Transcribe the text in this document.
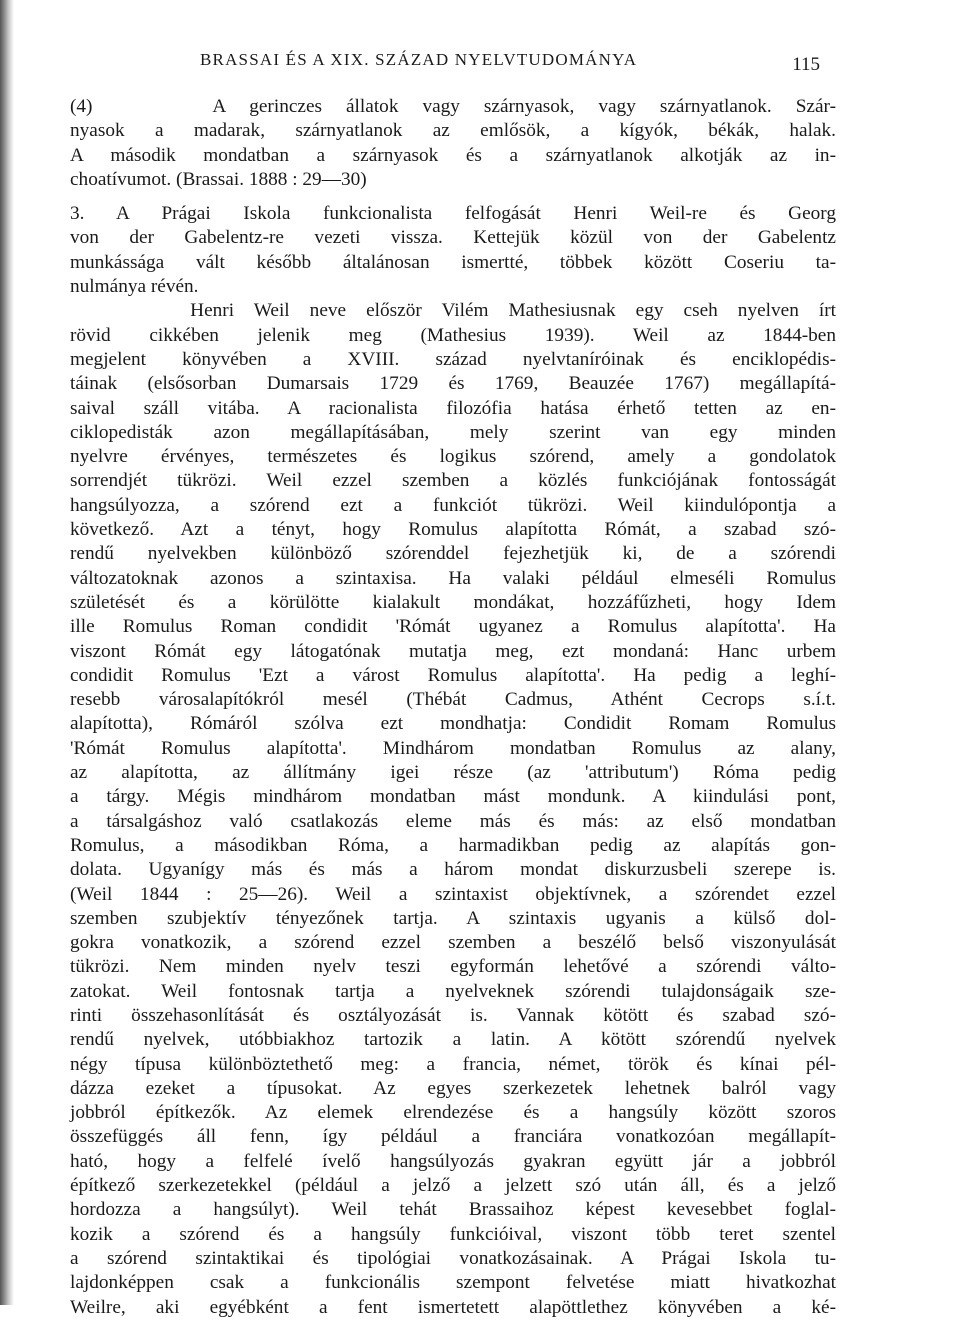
BRASSAI ÉS A XIX. SZÁZAD NYELVTUDOMÁNYA	115
(4)     A gerinczes állatok vagy szárnyasok, vagy szárnyatlanok. Szár-
nyasok a madarak, szárnyatlanok az emlősök, a kígyók, békák, halak.
A második mondatban a szárnyasok és a szárnyatlanok alkotják az in-
choatívumot. (Brassai. 1888 : 29—30)
3. A Prágai Iskola funkcionalista felfogását Henri Weil-re és Georg
von der Gabelentz-re vezeti vissza. Kettejük közül von der Gabelentz
munkássága vált később általánosan ismertté, többek között Coseriu ta-
nulmánya révén.
Henri Weil neve először Vilém Mathesiusnak egy cseh nyelven írt
rövid cikkében jelenik meg (Mathesius 1939). Weil az 1844-ben
megjelent könyvében a XVIII. század nyelvtaníróinak és enciklopédis-
táinak (elsősorban Dumarsais 1729 és 1769, Beauzée 1767) megállapítá-
saival száll vitába. A racionalista filozófia hatása érhető tetten az en-
ciklopedisták azon megállapításában, mely szerint van egy minden
nyelvre érvényes, természetes és logikus szórend, amely a gondolatok
sorrendjét tükrözi. Weil ezzel szemben a közlés funkciójának fontosságát
hangsúlyozza, a szórend ezt a funkciót tükrözi. Weil kiindulópontja a
következő. Azt a tényt, hogy Romulus alapította Rómát, a szabad szó-
rendű nyelvekben különböző szórenddel fejezhetjük ki, de a szórendi
változatoknak azonos a szintaxisa. Ha valaki például elmeséli Romulus
születését és a körülötte kialakult mondákat, hozzáfűzheti, hogy Idem
ille Romulus Roman condidit 'Rómát ugyanez a Romulus alapította'. Ha
viszont Rómát egy látogatónak mutatja meg, ezt mondaná: Hanc urbem
condidit Romulus 'Ezt a várost Romulus alapította'. Ha pedig a leghí-
resebb városalapítókról mesél (Thébát Cadmus, Athént Cecrops s.í.t.
alapította), Rómáról szólva ezt mondhatja: Condidit Romam Romulus
'Rómát Romulus alapította'. Mindhárom mondatban Romulus az alany,
az alapította, az állítmány igei része (az 'attributum') Róma pedig
a tárgy. Mégis mindhárom mondatban mást mondunk. A kiindulási pont,
a társalgáshoz való csatlakozás eleme más és más: az első mondatban
Romulus, a másodikban Róma, a harmadikban pedig az alapítás gon-
dolata. Ugyanígy más és más a három mondat diskurzusbeli szerepe is.
(Weil 1844 : 25—26). Weil a szintaxist objektívnek, a szórendet ezzel
szemben szubjektív tényezőnek tartja. A szintaxis ugyanis a külső dol-
gokra vonatkozik, a szórend ezzel szemben a beszélő belső viszonyulását
tükrözi. Nem minden nyelv teszi egyformán lehetővé a szórendi válto-
zatokat. Weil fontosnak tartja a nyelveknek szórendi tulajdonságaik sze-
rinti összehasonlítását és osztályozását is. Vannak kötött és szabad szó-
rendű nyelvek, utóbbiakhoz tartozik a latin. A kötött szórendű nyelvek
négy típusa különböztethető meg: a francia, német, török és kínai pél-
dázza ezeket a típusokat. Az egyes szerkezetek lehetnek balról vagy
jobbról építkezők. Az elemek elrendezése és a hangsúly között szoros
összefüggés áll fenn, így például a franciára vonatkozóan megállapít-
ható, hogy a felfelé ívelő hangsúlyozás gyakran együtt jár a jobbról
építkező szerkezetekkel (például a jelző a jelzett szó után áll, és a jelző
hordozza a hangsúlyt). Weil tehát Brassaihoz képest kevesebbet foglal-
kozik a szórend és a hangsúly funkcióival, viszont több teret szentel
a szórend szintaktikai és tipológiai vonatkozásainak. A Prágai Iskola tu-
lajdonképpen csak a funkcionális szempont felvetése miatt hivatkozhat
Weilre, aki egyébként a fent ismertetett alapöttlethez könyvében a ké-
